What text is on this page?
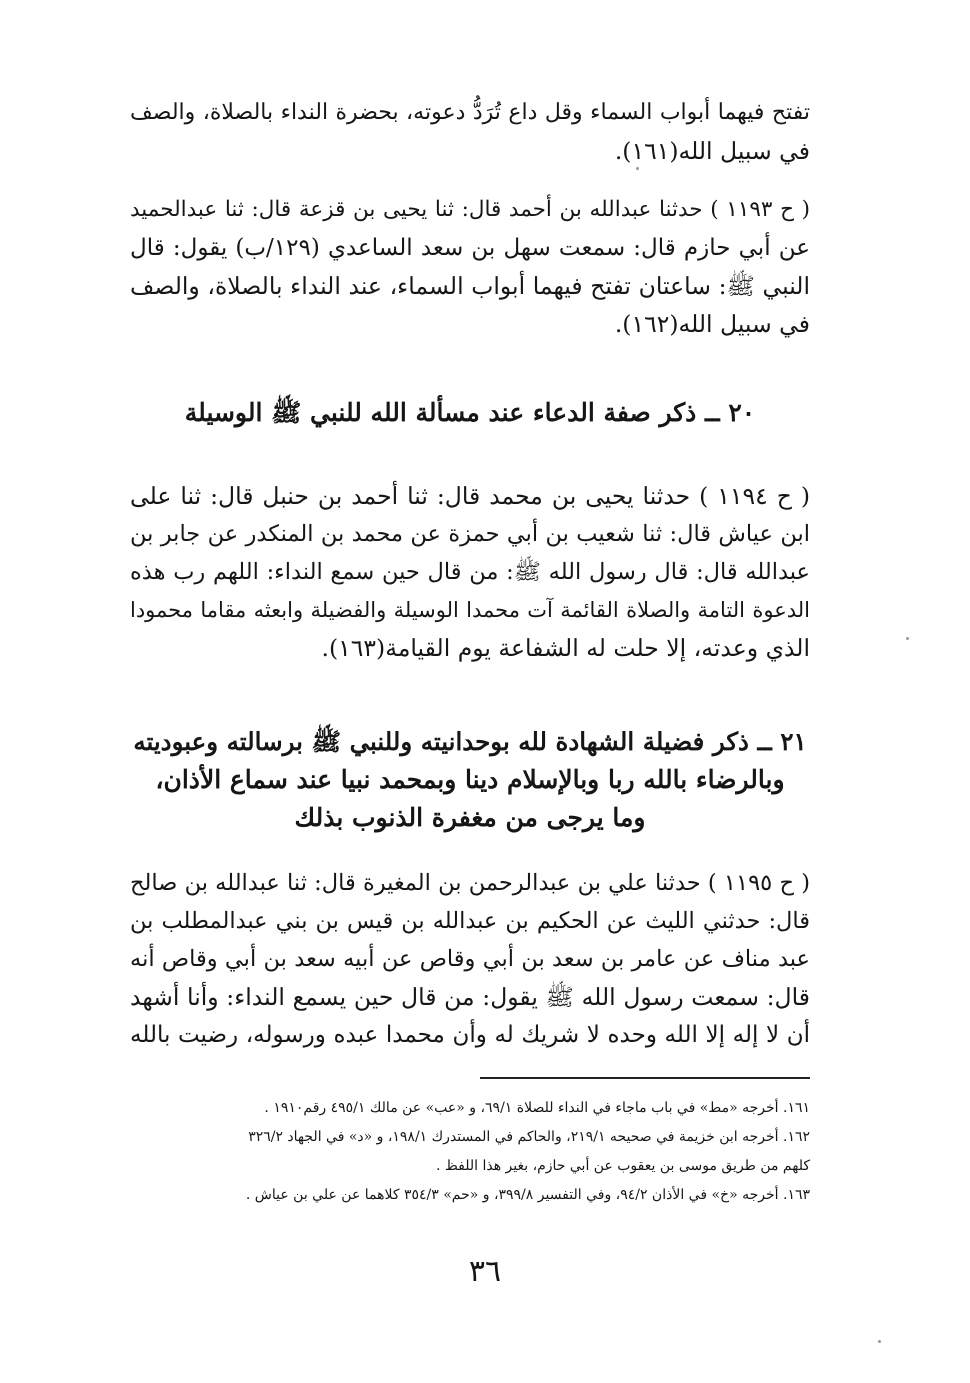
تفتح فيهما أبواب السماء وقل داع تُرَدُّ دعوته، بحضرة النداء بالصلاة، والصف
في سبيل الله(١٦١).
( ح ١١٩٣ ) حدثنا عبدالله بن أحمد قال: ثنا يحيى بن قزعة قال: ثنا عبدالحميد
عن أبي حازم قال: سمعت سهل بن سعد الساعدي (١٢٩/ب) يقول: قال
النبي ﷺ: ساعتان تفتح فيهما أبواب السماء، عند النداء بالصلاة، والصف
في سبيل الله(١٦٢).
٢٠ ــ ذكر صفة الدعاء عند مسألة الله للنبي ﷺ الوسيلة
( ح ١١٩٤ ) حدثنا يحيى بن محمد قال: ثنا أحمد بن حنبل قال: ثنا على
ابن عياش قال: ثنا شعيب بن أبي حمزة عن محمد بن المنكدر عن جابر بن
عبدالله قال: قال رسول الله ﷺ: من قال حين سمع النداء: اللهم رب هذه
الدعوة التامة والصلاة القائمة آت محمدا الوسيلة والفضيلة وابعثه مقاما محمودا
الذي وعدته، إلا حلت له الشفاعة يوم القيامة(١٦٣).
٢١ ــ ذكر فضيلة الشهادة لله بوحدانيته وللنبي ﷺ برسالته وعبوديته
وبالرضاء بالله ربا وبالإسلام دينا وبمحمد نبيا عند سماع الأذان،
وما يرجى من مغفرة الذنوب بذلك
( ح ١١٩٥ ) حدثنا علي بن عبدالرحمن بن المغيرة قال: ثنا عبدالله بن صالح
قال: حدثني الليث عن الحكيم بن عبدالله بن قيس بن بني عبدالمطلب بن
عبد مناف عن عامر بن سعد بن أبي وقاص عن أبيه سعد بن أبي وقاص أنه
قال: سمعت رسول الله ﷺ يقول: من قال حين يسمع النداء: وأنا أشهد
أن لا إله إلا الله وحده لا شريك له وأن محمدا عبده ورسوله، رضيت بالله
١٦١. أخرجه «مط» في باب ماجاء في النداء للصلاة ٦٩/١، و «عب» عن مالك ٤٩٥/١ رقم١٩١٠ .
١٦٢. أخرجه ابن خزيمة في صحيحه ٢١٩/١، والحاكم في المستدرك ١٩٨/١، و «د» في الجهاد ٣٢٦/٢
كلهم من طريق موسى بن يعقوب عن أبي حازم، بغير هذا اللفظ .
١٦٣. أخرجه «خ» في الأذان ٩٤/٢، وفي التفسير ٣٩٩/٨، و «حم» ٣٥٤/٣ كلاهما عن علي بن عياش .
٣٦
